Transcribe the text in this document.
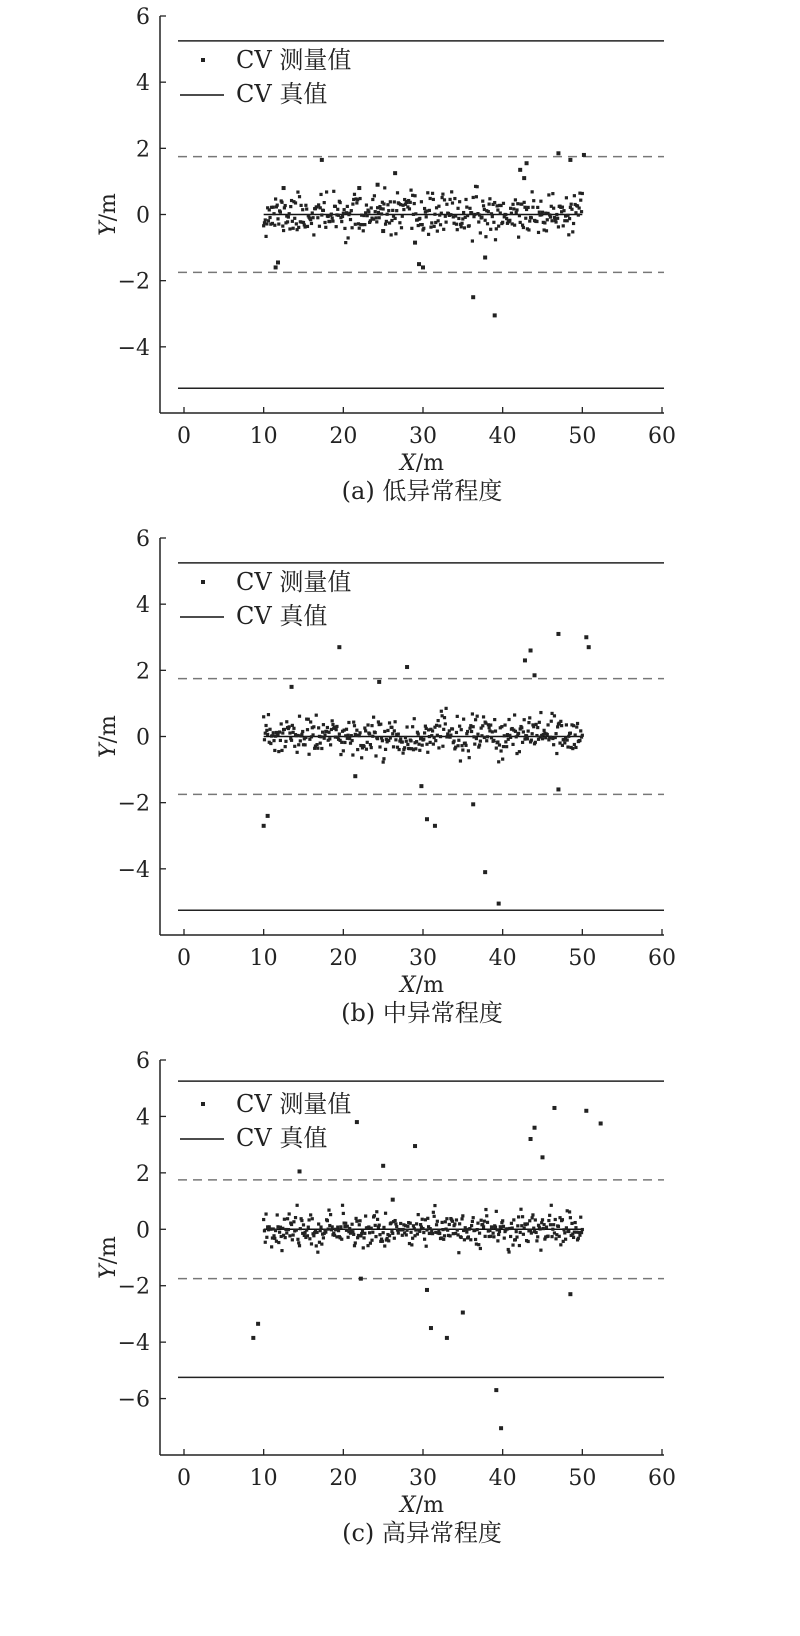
−4
−2
0
2
4
6
0	10 20 30 40 50 60
CV 测量值
CV 真值
Y/m
X/m
(a) 低异常程度
−4
−2
0
2
4
6
0	10 20 30 40 50 60
CV 测量值
CV 真值
Y/m
X/m
(b) 中异常程度
−6
−4
−2
0
2
4
6
0	10 20 30 40 50 60
CV 测量值
CV 真值
Y/m
X/m
(c) 高异常程度
